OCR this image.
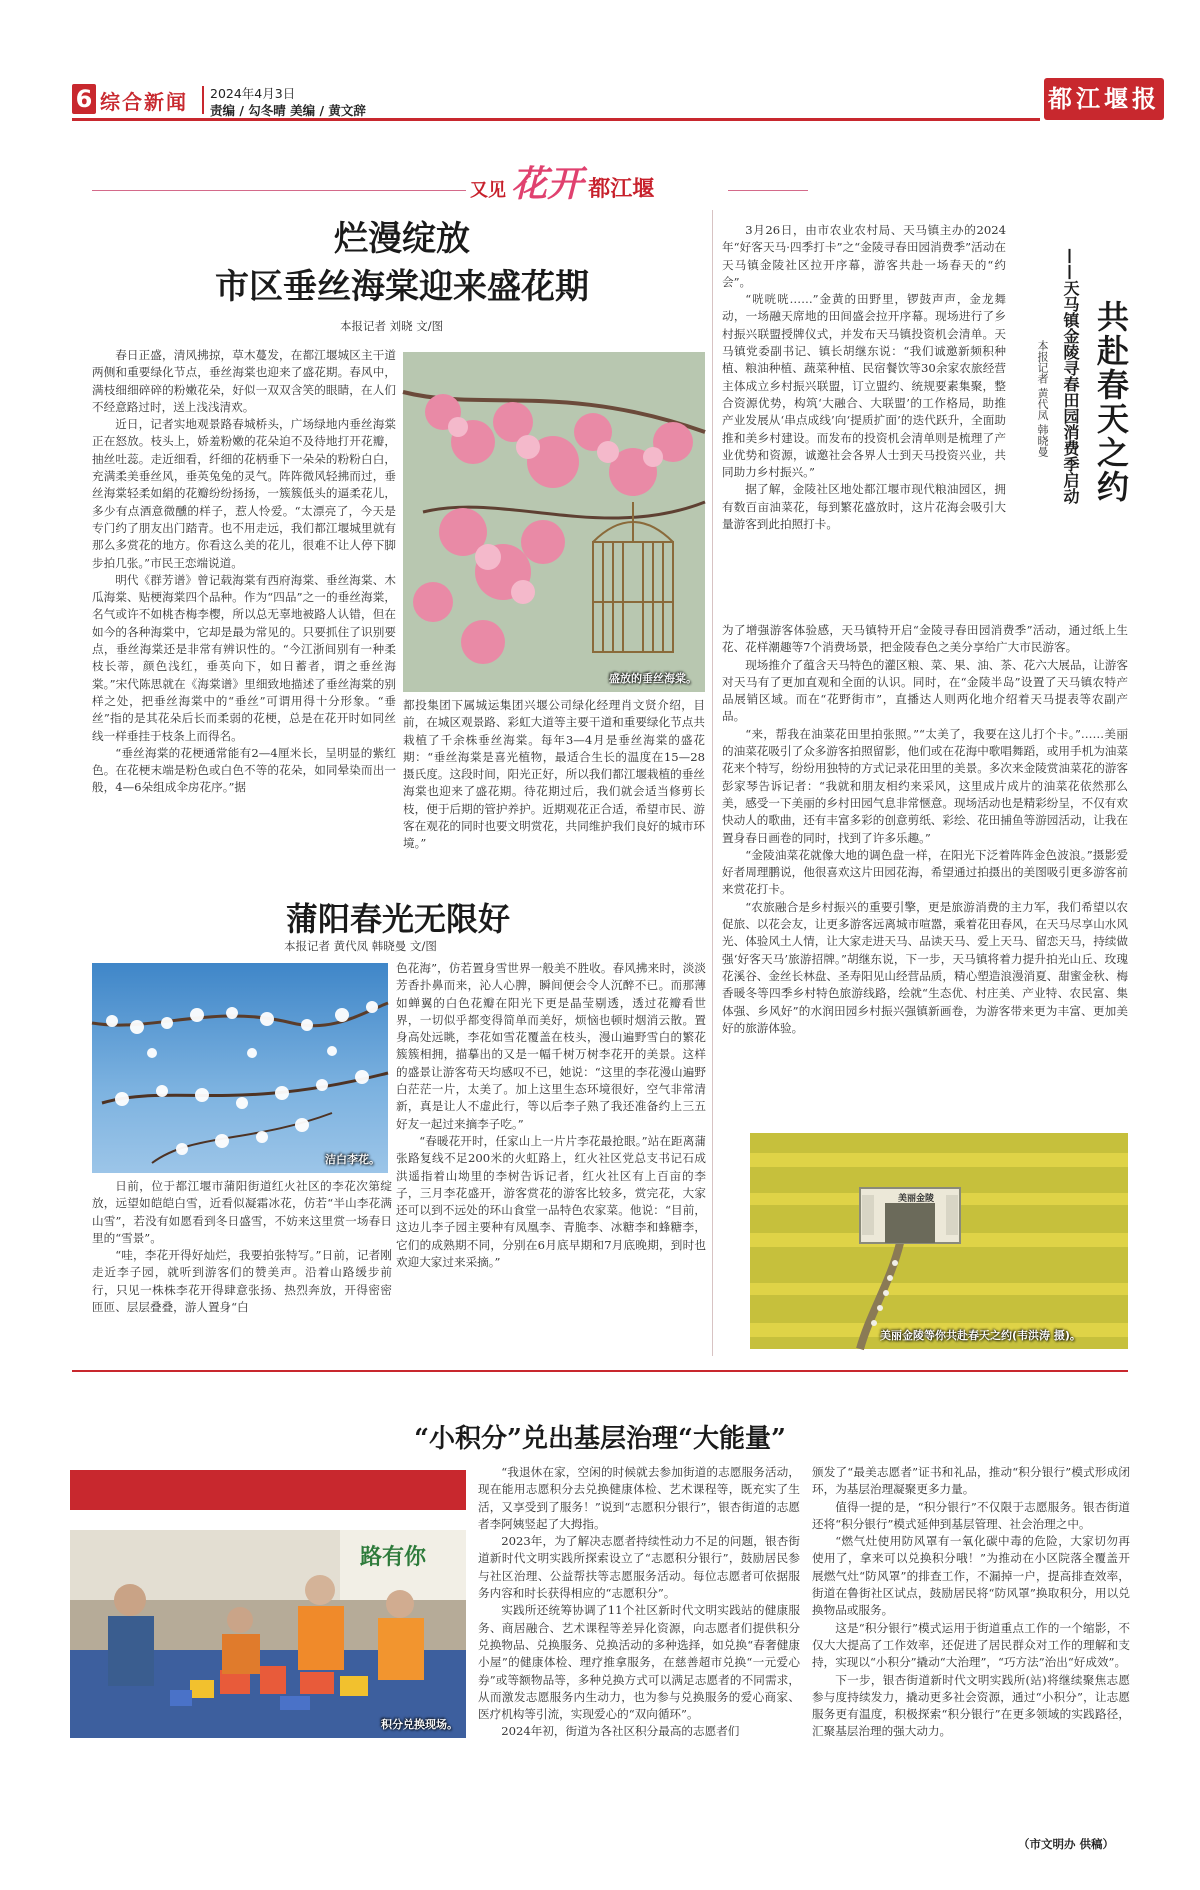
6 综合新闻 2024年4月3日
责编 / 勾冬晴 美编 / 黄文辞	都江堰报
又见 花开 都江堰
烂漫绽放
市区垂丝海棠迎来盛花期
本报记者 刘晓 文/图

春日正盛，清风拂掠，草木蔓发，在都江堰城区主干道两侧和重要绿化节点，垂丝海棠也迎来了盛花期。春风中，满枝细细碎碎的粉嫩花朵，好似一双双含笑的眼睛，在人们不经意路过时，送上浅浅清欢。

近日，记者实地观景路春城桥头，广场绿地内垂丝海棠正在怒放。枝头上，娇羞粉嫩的花朵迫不及待地打开花瓣，抽丝吐蕊。走近细看，纤细的花柄垂下一朵朵的粉粉白白，充满柔美垂丝风，垂英兔兔的灵气。阵阵微风轻拂而过，垂丝海棠轻柔如絹的花瓣纷纷扬扬，一簇簇低头的逼柔花儿，多少有点酒意微醺的样子，惹人怜爱。“太漂亮了，今天是专门约了朋友出门踏青。也不用走远，我们都江堰城里就有那么多赏花的地方。你看这么美的花儿，很难不让人停下脚步拍几张。”市民王恋端说道。

明代《群芳谱》曾记载海棠有西府海棠、垂丝海棠、木瓜海棠、贴梗海棠四个品种。作为“四品”之一的垂丝海棠，名气或许不如桃杏梅李樱，所以总无辜地被路人认错，但在如今的各种海棠中，它却是最为常见的。只要抓住了识别要点，垂丝海棠还是非常有辨识性的。“今江浙间别有一种柔枝长蒂，颜色浅红，垂英向下，如日蓄者，谓之垂丝海棠。”宋代陈思就在《海棠谱》里细致地描述了垂丝海棠的别样之处，把垂丝海棠中的“垂丝”可谓用得十分形象。“垂丝”指的是其花朵后长而柔弱的花梗，总是在花开时如同丝线一样垂挂于枝条上而得名。

“垂丝海棠的花梗通常能有2—4厘米长，呈明显的紫红色。在花梗末端是粉色或白色不等的花朵，如同晕染而出一般，4—6朵组成伞房花序。”据

盛放的垂丝海棠。

都投集团下属城运集团兴堰公司绿化经理肖文贤介绍，目前，在城区观景路、彩虹大道等主要干道和重要绿化节点共栽植了千余株垂丝海棠。每年3—4月是垂丝海棠的盛花期：“垂丝海棠是喜光植物，最适合生长的温度在15—28摄氏度。这段时间，阳光正好，所以我们都江堰栽植的垂丝海棠也迎来了盛花期。待花期过后，我们就会适当修剪长枝，便于后期的管护养护。近期观花正合适，希望市民、游客在观花的同时也要文明赏花，共同维护我们良好的城市环境。”

蒲阳春光无限好
本报记者 黄代凤 韩晓曼 文/图
洁白李花。

日前，位于都江堰市蒲阳街道红火社区的李花次第绽放，远望如皑皑白雪，近看似凝霜冰花，仿若“半山李花满山雪”，若没有如愿看到冬日盛雪，不妨来这里赏一场春日里的“雪景”。

“哇，李花开得好灿烂，我要拍张特写。”日前，记者刚走近李子园，就听到游客们的赞美声。沿着山路缓步前行，只见一株株李花开得肆意张扬、热烈奔放，开得密密匝匝、层层叠叠，游人置身“白

色花海”，仿若置身雪世界一般美不胜收。春风拂来时，淡淡芳香扑鼻而来，沁人心脾，瞬间便会令人沉醉不已。而那薄如蝉翼的白色花瓣在阳光下更是晶莹剔透，透过花瓣看世界，一切似乎都变得简单而美好，烦恼也顿时烟消云散。置身高处远眺，李花如雪花覆盖在枝头，漫山遍野雪白的繁花簇簇相拥，描摹出的又是一幅千树万树李花开的美景。这样的盛景让游客苟天均感叹不已，她说：“这里的李花漫山遍野白茫茫一片，太美了。加上这里生态环境很好，空气非常清新，真是让人不虚此行，等以后李子熟了我还准备约上三五好友一起过来摘李子吃。”

“春暖花开时，任家山上一片片李花最抢眼。”站在距离蒲张路复线不足200米的火虹路上，红火社区党总支书记石成洪遥指着山坳里的李树告诉记者，红火社区有上百亩的李子，三月李花盛开，游客赏花的游客比较多，赏完花，大家还可以到不远处的环山食堂一品特色农家菜。他说：“目前，这边儿李子园主要种有凤凰李、青脆李、冰糖李和蜂糖李，它们的成熟期不同，分别在6月底早期和7月底晚期，到时也欢迎大家过来采摘。”

共赴春天之约
——天马镇金陵寻春田园消费季启动
本报记者 黄代凤 韩晓曼

3月26日，由市农业农村局、天马镇主办的2024年“好客天马·四季打卡”之“金陵寻春田园消费季”活动在天马镇金陵社区拉开序幕，游客共赴一场春天的“约会”。

“咣咣咣……”金黄的田野里，锣鼓声声，金龙舞动，一场融天席地的田间盛会拉开序幕。现场进行了乡村振兴联盟授牌仪式，并发布天马镇投资机会清单。天马镇党委副书记、镇长胡继东说：“我们诚邀新频积种植、粮油种植、蔬菜种植、民宿餐饮等30余家农旅经营主体成立乡村振兴联盟，订立盟约、统规要素集聚，整合资源优势，构筑‘大融合、大联盟’的工作格局，助推产业发展从‘串点成线’向‘提质扩面’的迭代跃升，全面助推和美乡村建设。而发布的投资机会清单则是梳理了产业优势和资源，诚邀社会各界人士到天马投资兴业，共同助力乡村振兴。”

据了解，金陵社区地处都江堰市现代粮油园区，拥有数百亩油菜花，每到繁花盛放时，这片花海会吸引大量游客到此拍照打卡。

为了增强游客体验感，天马镇特开启“金陵寻春田园消费季”活动，通过纸上生花、花样潮趣等7个消费场景，把金陵春色之美分享给广大市民游客。

现场推介了蕴含天马特色的灌区粮、菜、果、油、茶、花六大展品，让游客对天马有了更加直观和全面的认识。同时，在“金陵半岛”设置了天马镇农特产品展销区域。而在“花野街市”，直播达人则两化地介绍着天马提表等农副产品。

“来，帮我在油菜花田里拍张照。”“太美了，我要在这儿打个卡。”……美丽的油菜花吸引了众多游客拍照留影，他们或在花海中歌唱舞蹈，或用手机为油菜花来个特写，纷纷用独特的方式记录花田里的美景。多次来金陵赏油菜花的游客彭家琴告诉记者：“我就和朋友相约来采风，这里成片成片的油菜花依然那么美，感受一下美丽的乡村田园气息非常惬意。现场活动也是精彩纷呈，不仅有欢快动人的歌曲，还有丰富多彩的创意剪纸、彩绘、花田捕鱼等游园活动，让我在置身春日画卷的同时，找到了许多乐趣。”

“金陵油菜花就像大地的调色盘一样，在阳光下泛着阵阵金色波浪。”摄影爱好者周理鹏说，他很喜欢这片田园花海，希望通过拍摄出的美图吸引更多游客前来赏花打卡。

“农旅融合是乡村振兴的重要引擎，更是旅游消费的主力军，我们希望以农促旅、以花会友，让更多游客远离城市喧嚣，乘着花田春风，在天马尽享山水风光、体验风土人情，让大家走进天马、品读天马、爱上天马、留恋天马，持续做强‘好客天马’旅游招牌。”胡继东说，下一步，天马镇将着力提升拍光山丘、玫瑰花溪谷、金丝长林盘、圣寿阳见山经营品质，精心塑造浪漫消夏、甜蜜金秋、梅香暖冬等四季乡村特色旅游线路，绘就“生态优、村庄美、产业特、农民富、集体强、乡风好”的水润田园乡村振兴强镇新画卷，为游客带来更为丰富、更加美好的旅游体验。

美丽金陵
美丽金陵等你共赴春天之约(韦洪涛 摄)。
“小积分”兑出基层治理“大能量”

路有你
积分兑换现场。

“我退休在家，空闲的时候就去参加街道的志愿服务活动，现在能用志愿积分去兑换健康体检、艺术课程等，既充实了生活，又享受到了服务！”说到“志愿积分银行”，银杏街道的志愿者李阿姨竖起了大拇指。

2023年，为了解决志愿者持续性动力不足的问题，银杏街道新时代文明实践所探索设立了“志愿积分银行”，鼓励居民参与社区治理、公益帮扶等志愿服务活动。每位志愿者可依据服务内容和时长获得相应的“志愿积分”。

实践所还统筹协调了11个社区新时代文明实践站的健康服务、商居融合、艺术课程等差异化资源，向志愿者们提供积分兑换物品、兑换服务、兑换活动的多种选择，如兑换“春奢健康小屋”的健康体检、理疗推拿服务，在慈善超市兑换“一元爱心券”或等额物品等，多种兑换方式可以满足志愿者的不同需求，从而激发志愿服务内生动力，也为参与兑换服务的爱心商家、医疗机构等引流，实现爱心的“双向循环”。

2024年初，街道为各社区积分最高的志愿者们

颁发了“最美志愿者”证书和礼品，推动“积分银行”模式形成闭环，为基层治理凝聚更多力量。

值得一提的是，“积分银行”不仅限于志愿服务。银杏街道还将“积分银行”模式延伸到基层管理、社会治理之中。

“燃气灶使用防风罩有一氧化碳中毒的危险，大家切勿再使用了，拿来可以兑换积分哦！”为推动在小区院落全覆盖开展燃气灶“防风罩”的排查工作，不漏掉一户，提高排查效率，街道在鲁街社区试点，鼓励居民将“防风罩”换取积分，用以兑换物品或服务。

这是“积分银行”模式运用于街道重点工作的一个缩影，不仅大大提高了工作效率，还促进了居民群众对工作的理解和支持，实现以“小积分”撬动“大治理”，“巧方法”治出“好成效”。

下一步，银杏街道新时代文明实践所(站)将继续聚焦志愿参与度持续发力，撬动更多社会资源，通过“小积分”，让志愿服务更有温度，积极探索“积分银行”在更多领域的实践路径，汇聚基层治理的强大动力。

（市文明办 供稿）
